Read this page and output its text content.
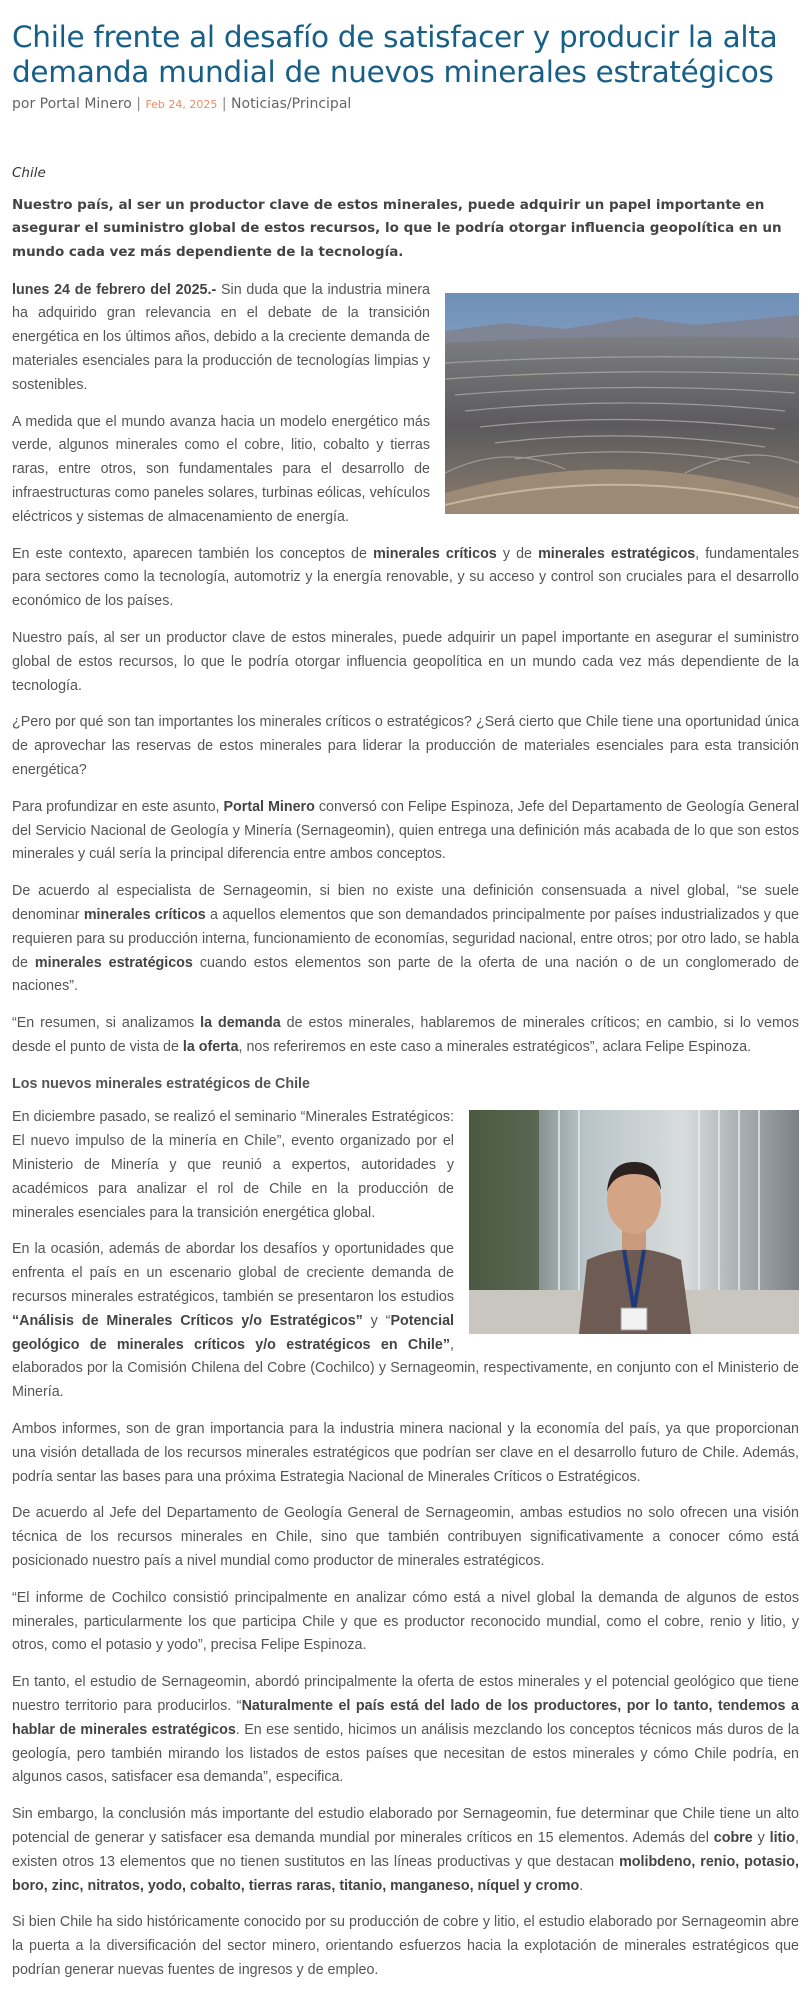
Chile frente al desafío de satisfacer y producir la alta demanda mundial de nuevos minerales estratégicos
por Portal Minero | Feb 24, 2025 | Noticias/Principal

Chile

Nuestro país, al ser un productor clave de estos minerales, puede adquirir un papel importante en asegurar el suministro global de estos recursos, lo que le podría otorgar influencia geopolítica en un mundo cada vez más dependiente de la tecnología.

lunes 24 de febrero del 2025.- Sin duda que la industria minera ha adquirido gran relevancia en el debate de la transición energética en los últimos años, debido a la creciente demanda de materiales esenciales para la producción de tecnologías limpias y sostenibles.

A medida que el mundo avanza hacia un modelo energético más verde, algunos minerales como el cobre, litio, cobalto y tierras raras, entre otros, son fundamentales para el desarrollo de infraestructuras como paneles solares, turbinas eólicas, vehículos eléctricos y sistemas de almacenamiento de energía.

En este contexto, aparecen también los conceptos de minerales críticos y de minerales estratégicos, fundamentales para sectores como la tecnología, automotriz y la energía renovable, y su acceso y control son cruciales para el desarrollo económico de los países.

Nuestro país, al ser un productor clave de estos minerales, puede adquirir un papel importante en asegurar el suministro global de estos recursos, lo que le podría otorgar influencia geopolítica en un mundo cada vez más dependiente de la tecnología.

¿Pero por qué son tan importantes los minerales críticos o estratégicos? ¿Será cierto que Chile tiene una oportunidad única de aprovechar las reservas de estos minerales para liderar la producción de materiales esenciales para esta transición energética?

Para profundizar en este asunto, Portal Minero conversó con Felipe Espinoza, Jefe del Departamento de Geología General del Servicio Nacional de Geología y Minería (Sernageomin), quien entrega una definición más acabada de lo que son estos minerales y cuál sería la principal diferencia entre ambos conceptos.

De acuerdo al especialista de Sernageomin, si bien no existe una definición consensuada a nivel global, “se suele denominar minerales críticos a aquellos elementos que son demandados principalmente por países industrializados y que requieren para su producción interna, funcionamiento de economías, seguridad nacional, entre otros; por otro lado, se habla de minerales estratégicos cuando estos elementos son parte de la oferta de una nación o de un conglomerado de naciones”.

“En resumen, si analizamos la demanda de estos minerales, hablaremos de minerales críticos; en cambio, si lo vemos desde el punto de vista de la oferta, nos referiremos en este caso a minerales estratégicos”, aclara Felipe Espinoza.

Los nuevos minerales estratégicos de Chile

En diciembre pasado, se realizó el seminario “Minerales Estratégicos: El nuevo impulso de la minería en Chile”, evento organizado por el Ministerio de Minería y que reunió a expertos, autoridades y académicos para analizar el rol de Chile en la producción de minerales esenciales para la transición energética global.

En la ocasión, además de abordar los desafíos y oportunidades que enfrenta el país en un escenario global de creciente demanda de recursos minerales estratégicos, también se presentaron los estudios “Análisis de Minerales Críticos y/o Estratégicos” y “Potencial geológico de minerales críticos y/o estratégicos en Chile”, elaborados por la Comisión Chilena del Cobre (Cochilco) y Sernageomin, respectivamente, en conjunto con el Ministerio de Minería.

Ambos informes, son de gran importancia para la industria minera nacional y la economía del país, ya que proporcionan una visión detallada de los recursos minerales estratégicos que podrían ser clave en el desarrollo futuro de Chile. Además, podría sentar las bases para una próxima Estrategia Nacional de Minerales Críticos o Estratégicos.

De acuerdo al Jefe del Departamento de Geología General de Sernageomin, ambas estudios no solo ofrecen una visión técnica de los recursos minerales en Chile, sino que también contribuyen significativamente a conocer cómo está posicionado nuestro país a nivel mundial como productor de minerales estratégicos.

“El informe de Cochilco consistió principalmente en analizar cómo está a nivel global la demanda de algunos de estos minerales, particularmente los que participa Chile y que es productor reconocido mundial, como el cobre, renio y litio, y otros, como el potasio y yodo”, precisa Felipe Espinoza.

En tanto, el estudio de Sernageomin, abordó principalmente la oferta de estos minerales y el potencial geológico que tiene nuestro territorio para producirlos. “Naturalmente el país está del lado de los productores, por lo tanto, tendemos a hablar de minerales estratégicos. En ese sentido, hicimos un análisis mezclando los conceptos técnicos más duros de la geología, pero también mirando los listados de estos países que necesitan de estos minerales y cómo Chile podría, en algunos casos, satisfacer esa demanda”, especifica.

Sin embargo, la conclusión más importante del estudio elaborado por Sernageomin, fue determinar que Chile tiene un alto potencial de generar y satisfacer esa demanda mundial por minerales críticos en 15 elementos. Además del cobre y litio, existen otros 13 elementos que no tienen sustitutos en las líneas productivas y que destacan molibdeno, renio, potasio, boro, zinc, nitratos, yodo, cobalto, tierras raras, titanio, manganeso, níquel y cromo.

Si bien Chile ha sido históricamente conocido por su producción de cobre y litio, el estudio elaborado por Sernageomin abre la puerta a la diversificación del sector minero, orientando esfuerzos hacia la explotación de minerales estratégicos que podrían generar nuevas fuentes de ingresos y de empleo.
